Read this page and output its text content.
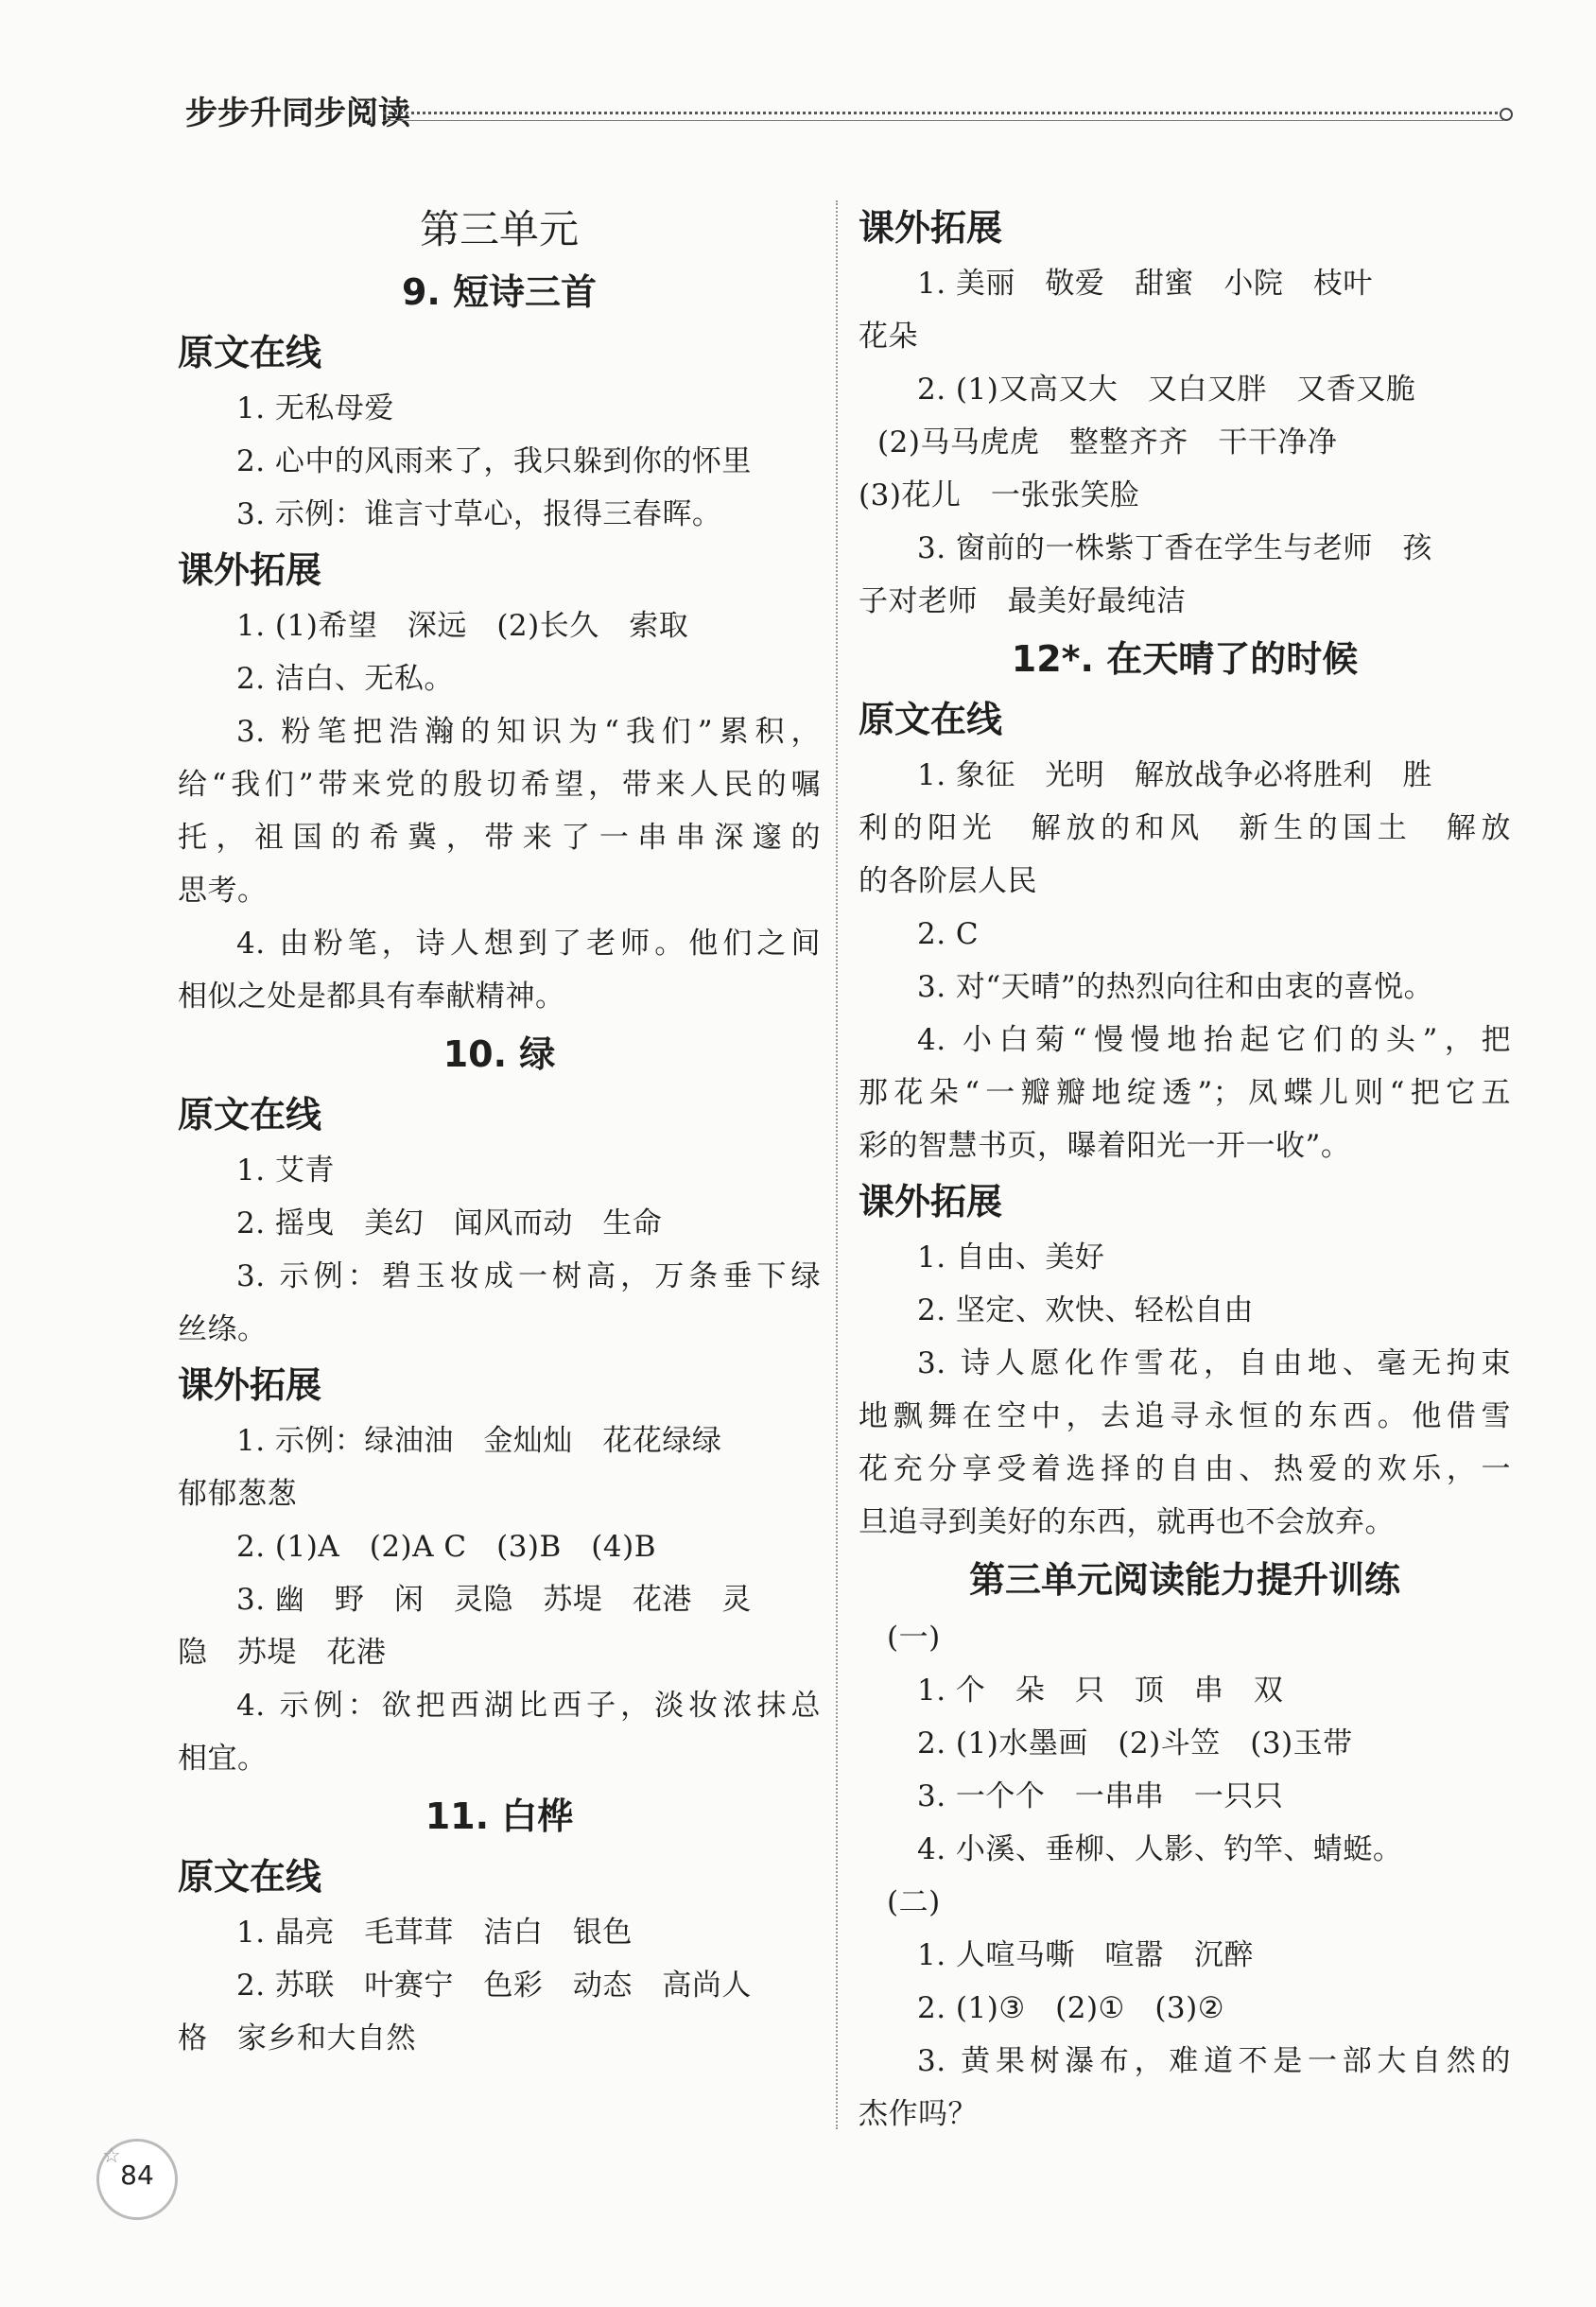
步步升同步阅读
第三单元
9. 短诗三首
原文在线
1. 无私母爱
2. 心中的风雨来了，我只躲到你的怀里
3. 示例：谁言寸草心，报得三春晖。
课外拓展
1. (1)希望　深远　(2)长久　索取
2. 洁白、无私。
3. 粉笔把浩瀚的知识为“我们”累积，
给“我们”带来党的殷切希望，带来人民的嘱
托，祖国的希冀，带来了一串串深邃的
思考。
4. 由粉笔，诗人想到了老师。他们之间
相似之处是都具有奉献精神。
10. 绿
原文在线
1. 艾青
2. 摇曳　美幻　闻风而动　生命
3. 示例：碧玉妆成一树高，万条垂下绿
丝绦。
课外拓展
1. 示例：绿油油　金灿灿　花花绿绿
郁郁葱葱
2. (1)A　(2)A C　(3)B　(4)B
3. 幽　野　闲　灵隐　苏堤　花港　灵
隐　苏堤　花港
4. 示例：欲把西湖比西子，淡妆浓抹总
相宜。
11. 白桦
原文在线
1. 晶亮　毛茸茸　洁白　银色
2. 苏联　叶赛宁　色彩　动态　高尚人
格　家乡和大自然
课外拓展
1. 美丽　敬爱　甜蜜　小院　枝叶
花朵
2. (1)又高又大　又白又胖　又香又脆
(2)马马虎虎　整整齐齐　干干净净
(3)花儿　一张张笑脸
3. 窗前的一株紫丁香在学生与老师　孩
子对老师　最美好最纯洁
12*. 在天晴了的时候
原文在线
1. 象征　光明　解放战争必将胜利　胜
利的阳光　解放的和风　新生的国土　解放
的各阶层人民
2. C
3. 对“天晴”的热烈向往和由衷的喜悦。
4. 小白菊“慢慢地抬起它们的头”，把
那花朵“一瓣瓣地绽透”；凤蝶儿则“把它五
彩的智慧书页，曝着阳光一开一收”。
课外拓展
1. 自由、美好
2. 坚定、欢快、轻松自由
3. 诗人愿化作雪花，自由地、毫无拘束
地飘舞在空中，去追寻永恒的东西。他借雪
花充分享受着选择的自由、热爱的欢乐，一
旦追寻到美好的东西，就再也不会放弃。
第三单元阅读能力提升训练
(一)
1. 个　朵　只　顶　串　双
2. (1)水墨画　(2)斗笠　(3)玉带
3. 一个个　一串串　一只只
4. 小溪、垂柳、人影、钓竿、蜻蜓。
(二)
1. 人喧马嘶　喧嚣　沉醉
2. (1)③　(2)①　(3)②
3. 黄果树瀑布，难道不是一部大自然的
杰作吗？
☆
84
